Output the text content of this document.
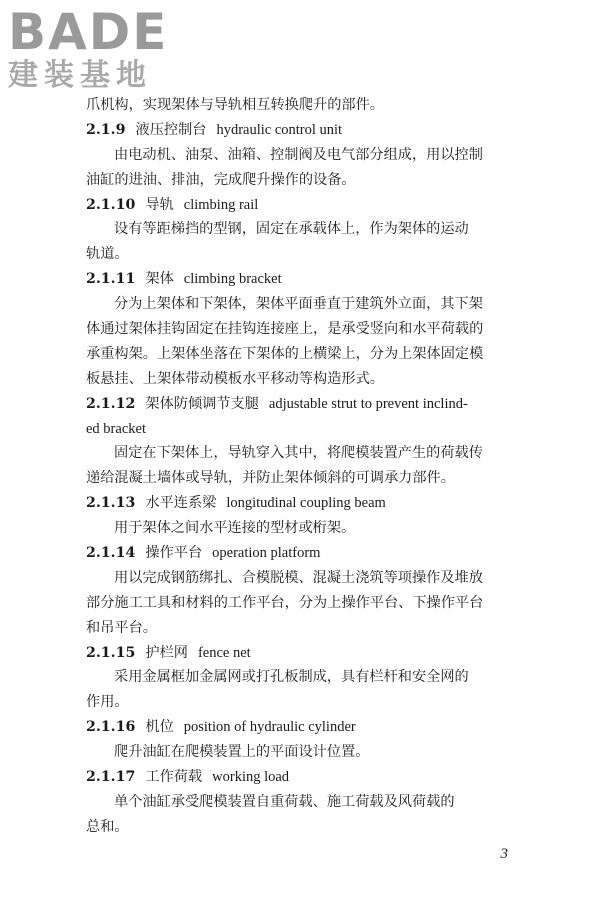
BADE
建装基地
爪机构，实现架体与导轨相互转换爬升的部件。
2.1.9 液压控制台 hydraulic control unit
由电动机、油泵、油箱、控制阀及电气部分组成，用以控制
油缸的进油、排油，完成爬升操作的设备。
2.1.10 导轨 climbing rail
设有等距梯挡的型钢，固定在承载体上，作为架体的运动
轨道。
2.1.11 架体 climbing bracket
分为上架体和下架体，架体平面垂直于建筑外立面，其下架
体通过架体挂钩固定在挂钩连接座上，是承受竖向和水平荷载的
承重构架。上架体坐落在下架体的上横梁上，分为上架体固定模
板悬挂、上架体带动模板水平移动等构造形式。
2.1.12 架体防倾调节支腿 adjustable strut to prevent inclind-
ed bracket
固定在下架体上，导轨穿入其中，将爬模装置产生的荷载传
递给混凝土墙体或导轨，并防止架体倾斜的可调承力部件。
2.1.13 水平连系梁 longitudinal coupling beam
用于架体之间水平连接的型材或桁架。
2.1.14 操作平台 operation platform
用以完成钢筋绑扎、合模脱模、混凝土浇筑等项操作及堆放
部分施工工具和材料的工作平台，分为上操作平台、下操作平台
和吊平台。
2.1.15 护栏网 fence net
采用金属框加金属网或打孔板制成，具有栏杆和安全网的
作用。
2.1.16 机位 position of hydraulic cylinder
爬升油缸在爬模装置上的平面设计位置。
2.1.17 工作荷载 working load
单个油缸承受爬模装置自重荷载、施工荷载及风荷载的
总和。
3
